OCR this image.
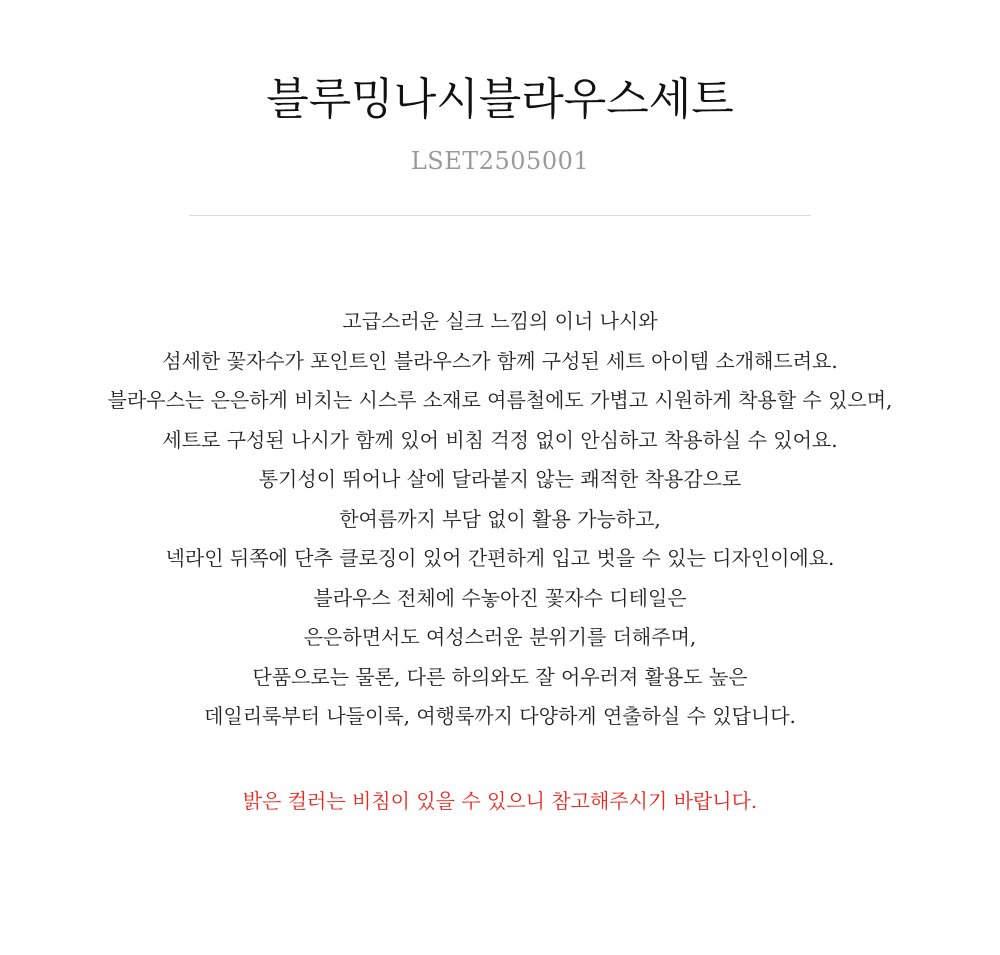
블루밍나시블라우스세트
LSET2505001
고급스러운 실크 느낌의 이너 나시와
섬세한 꽃자수가 포인트인 블라우스가 함께 구성된 세트 아이템 소개해드려요.
블라우스는 은은하게 비치는 시스루 소재로 여름철에도 가볍고 시원하게 착용할 수 있으며,
세트로 구성된 나시가 함께 있어 비침 걱정 없이 안심하고 착용하실 수 있어요.
통기성이 뛰어나 살에 달라붙지 않는 쾌적한 착용감으로
한여름까지 부담 없이 활용 가능하고,
넥라인 뒤쪽에 단추 클로징이 있어 간편하게 입고 벗을 수 있는 디자인이에요.
블라우스 전체에 수놓아진 꽃자수 디테일은
은은하면서도 여성스러운 분위기를 더해주며,
단품으로는 물론, 다른 하의와도 잘 어우러져 활용도 높은
데일리룩부터 나들이룩, 여행룩까지 다양하게 연출하실 수 있답니다.
밝은 컬러는 비침이 있을 수 있으니 참고해주시기 바랍니다.
